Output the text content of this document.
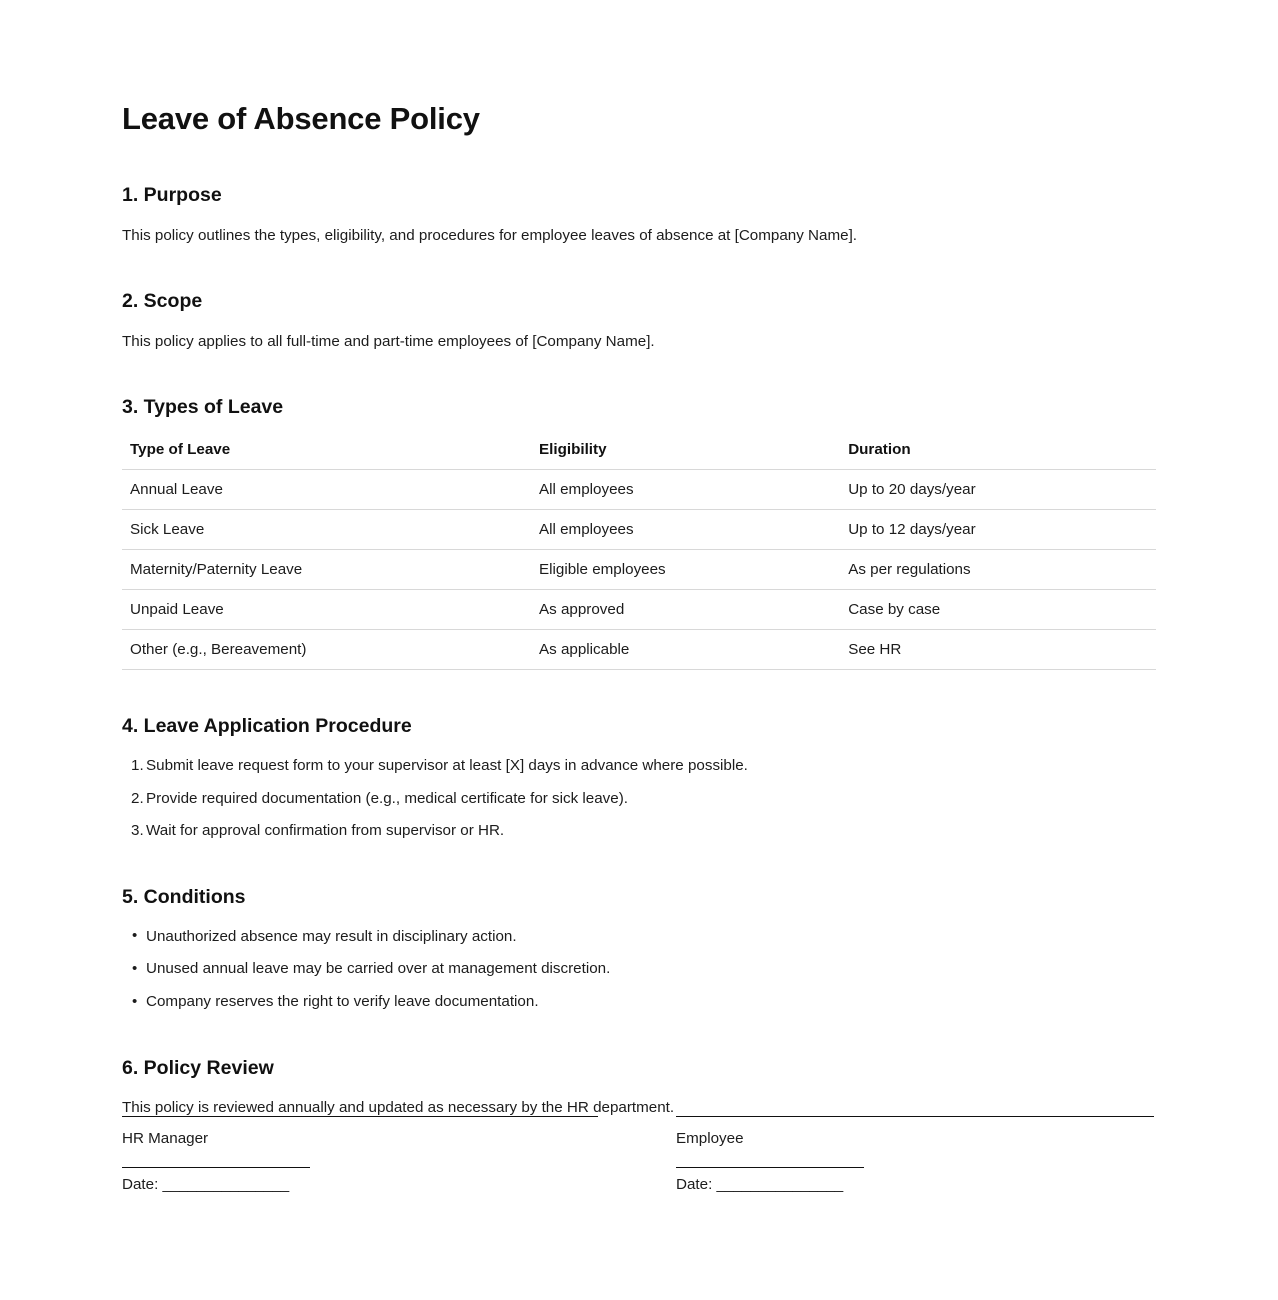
Leave of Absence Policy
1. Purpose

This policy outlines the types, eligibility, and procedures for employee leaves of absence at [Company Name].

2. Scope

This policy applies to all full-time and part-time employees of [Company Name].

3. Types of Leave
Type of Leave	Eligibility	Duration
Annual Leave	All employees	Up to 20 days/year
Sick Leave	All employees	Up to 12 days/year
Maternity/Paternity Leave	Eligible employees	As per regulations
Unpaid Leave	As approved	Case by case
Other (e.g., Bereavement)	As applicable	See HR
4. Leave Application Procedure
1. Submit leave request form to your supervisor at least [X] days in advance where possible.
2. Provide required documentation (e.g., medical certificate for sick leave).
3. Wait for approval confirmation from supervisor or HR.
5. Conditions
• Unauthorized absence may result in disciplinary action.
• Unused annual leave may be carried over at management discretion.
• Company reserves the right to verify leave documentation.
6. Policy Review

This policy is reviewed annually and updated as necessary by the HR department.

HR Manager
Date: _______________
Employee
Date: _______________
